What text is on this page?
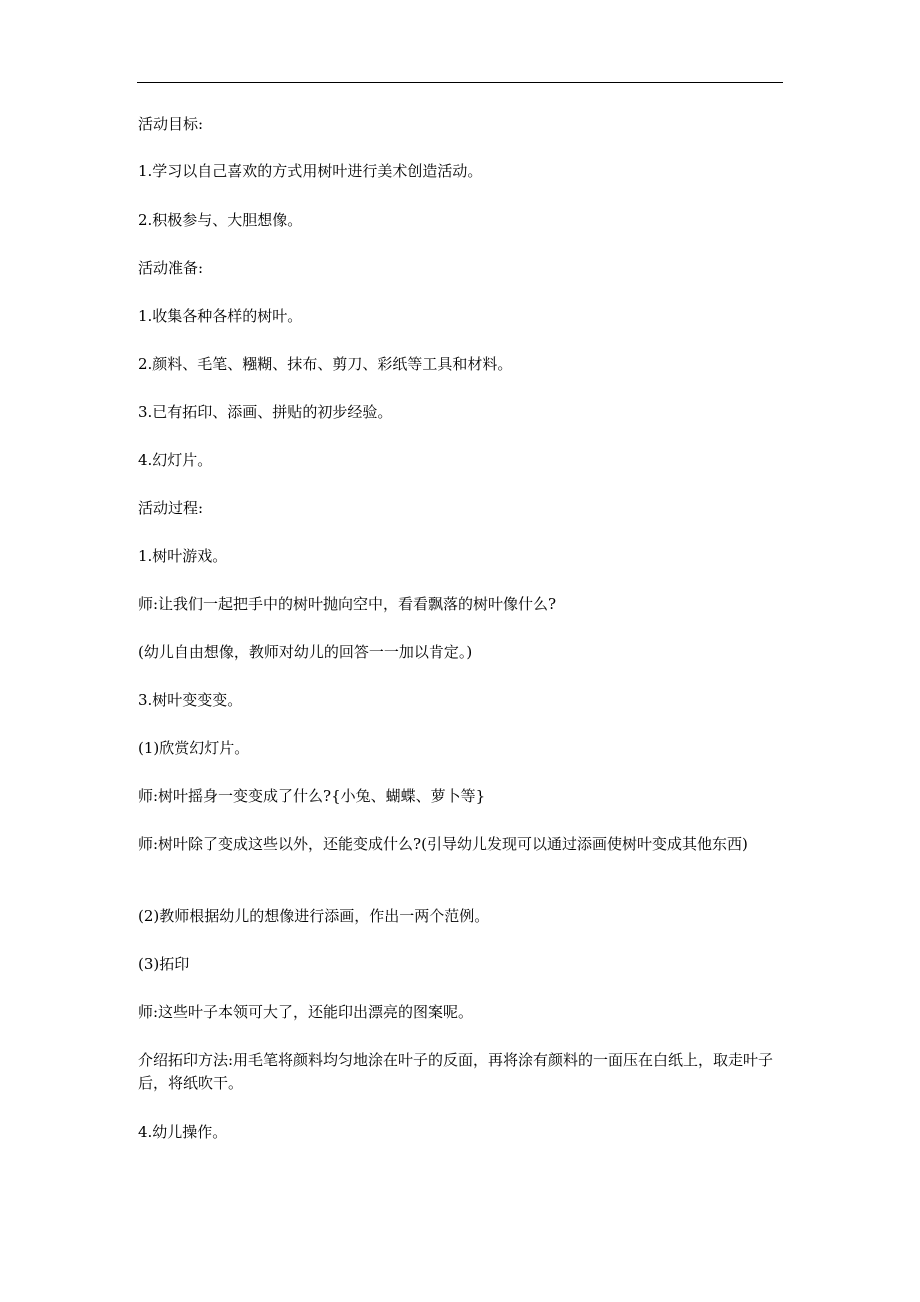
活动目标:

1.学习以自己喜欢的方式用树叶进行美术创造活动。

2.积极参与、大胆想像。

活动准备:

1.收集各种各样的树叶。

2.颜料、毛笔、糨糊、抹布、剪刀、彩纸等工具和材料。

3.已有拓印、添画、拼贴的初步经验。

4.幻灯片。

活动过程:

1.树叶游戏。

师:让我们一起把手中的树叶抛向空中，看看飘落的树叶像什么?

(幼儿自由想像，教师对幼儿的回答一一加以肯定。)

3.树叶变变变。

(1)欣赏幻灯片。

师:树叶摇身一变变成了什么?{小兔、蝴蝶、萝卜等}

师:树叶除了变成这些以外，还能变成什么?(引导幼儿发现可以通过添画使树叶变成其他东西)

(2)教师根据幼儿的想像进行添画，作出一两个范例。

(3)拓印

师:这些叶子本领可大了，还能印出漂亮的图案呢。

介绍拓印方法:用毛笔将颜料均匀地涂在叶子的反面，再将涂有颜料的一面压在白纸上，取走叶子后，将纸吹干。

4.幼儿操作。
